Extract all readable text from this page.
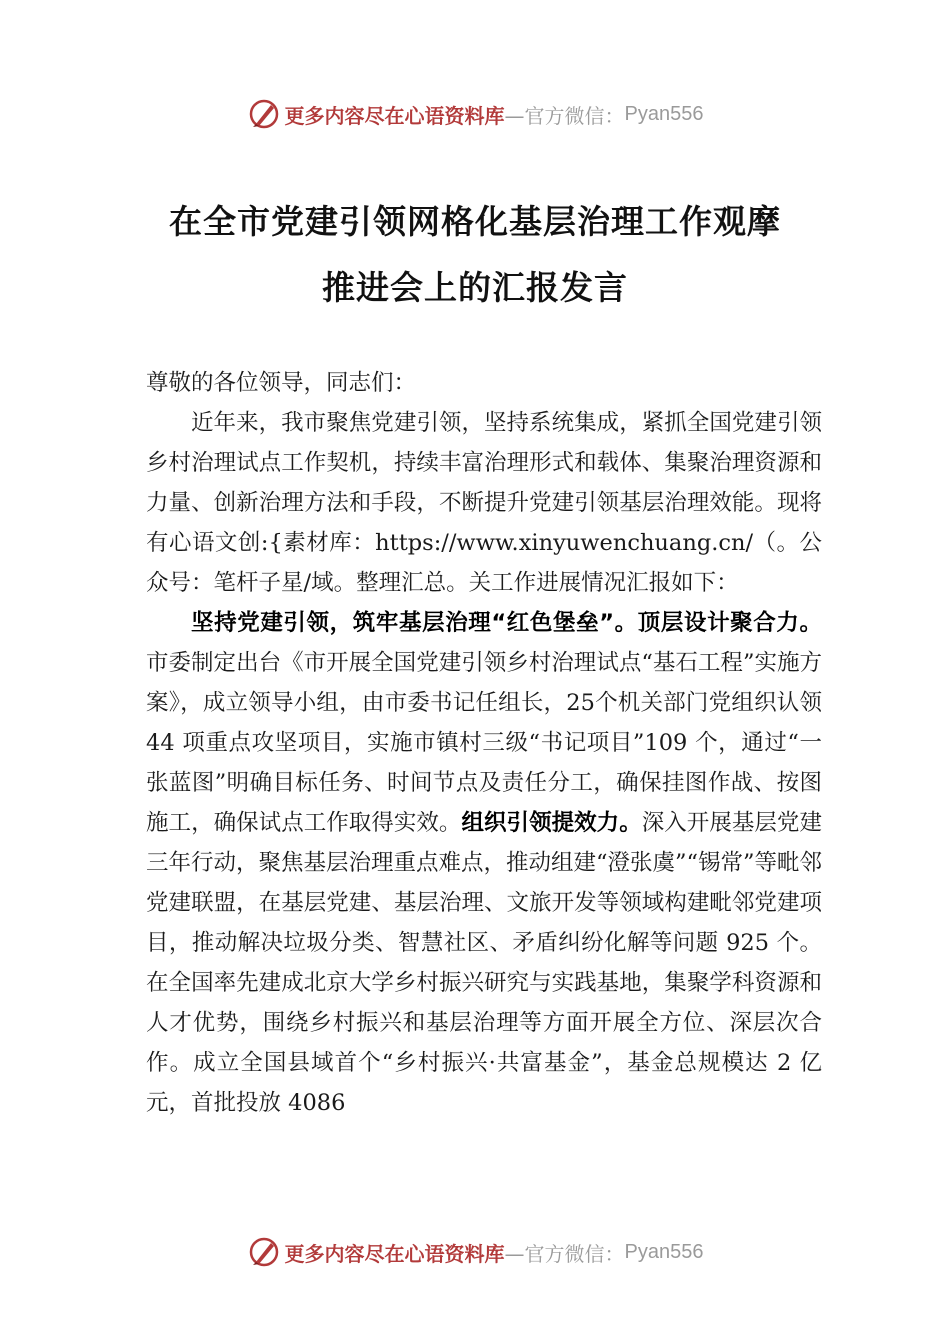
更多内容尽在心语资料库 —官方微信： Pyan556
在全市党建引领网格化基层治理工作观摩
推进会上的汇报发言

尊敬的各位领导，同志们：

近年来，我市聚焦党建引领，坚持系统集成，紧抓全国党建引领乡村治理试点工作契机，持续丰富治理形式和载体、集聚治理资源和力量、创新治理方法和手段，不断提升党建引领基层治理效能。现将有心语文创:{素材库：https://www.xinyuwenchuang.cn/（。公众号：笔杆子星/域。整理汇总。关工作进展情况汇报如下：

坚持党建引领，筑牢基层治理“红色堡垒”。顶层设计聚合力。市委制定出台《市开展全国党建引领乡村治理试点“基石工程”实施方案》，成立领导小组，由市委书记任组长，25个机关部门党组织认领 44 项重点攻坚项目，实施市镇村三级“书记项目”109 个，通过“一张蓝图”明确目标任务、时间节点及责任分工，确保挂图作战、按图施工，确保试点工作取得实效。组织引领提效力。深入开展基层党建三年行动，聚焦基层治理重点难点，推动组建“澄张虞”“锡常”等毗邻党建联盟，在基层党建、基层治理、文旅开发等领域构建毗邻党建项目，推动解决垃圾分类、智慧社区、矛盾纠纷化解等问题 925 个。在全国率先建成北京大学乡村振兴研究与实践基地，集聚学科资源和人才优势，围绕乡村振兴和基层治理等方面开展全方位、深层次合作。成立全国县域首个“乡村振兴·共富基金”，基金总规模达 2 亿元，首批投放 4086

更多内容尽在心语资料库 —官方微信： Pyan556
